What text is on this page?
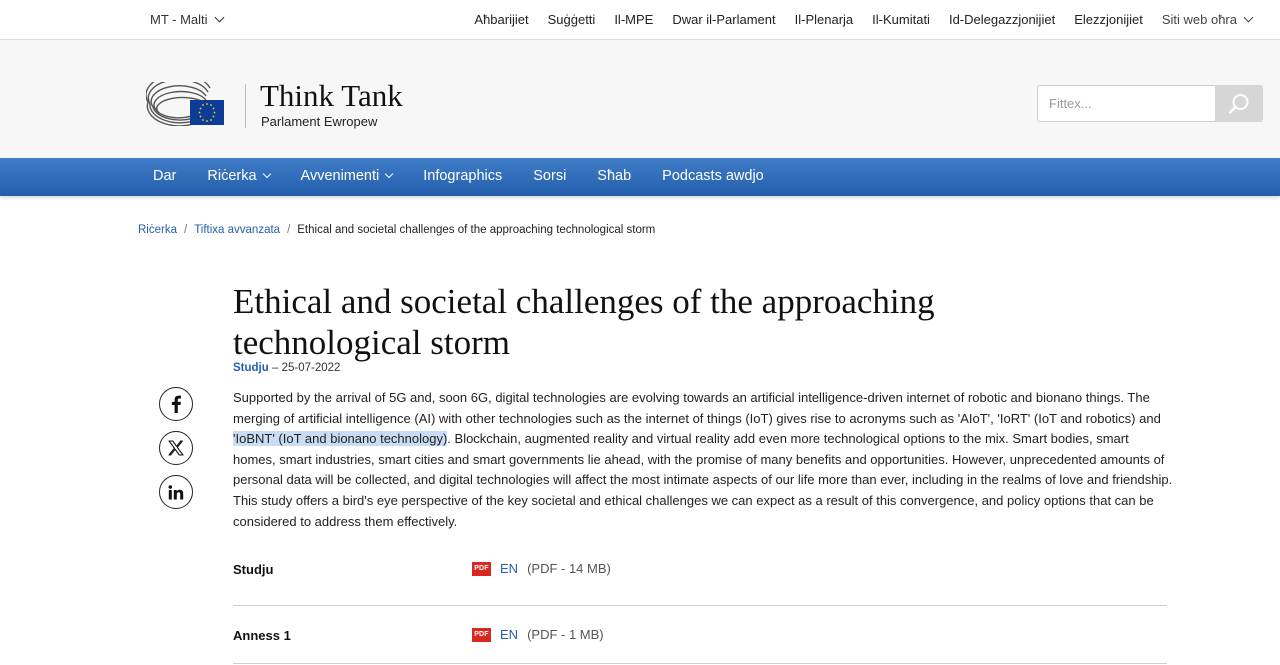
MT - Malti	Aħbarijiet Suġġetti Il-MPE Dwar il-Parlament Il-Plenarja Il-Kumitati Id-Delegazzjonijiet Elezzjonijiet Siti web oħra
Think Tank
Parlament Ewropew
Fittex...
Dar Riċerka	Avvenimenti	Infographics Sorsi Sħab Podcasts awdjo
Riċerka / Tiftixa avvanzata / Ethical and societal challenges of the approaching technological storm
Ethical and societal challenges of the approaching technological storm
Studju – 25-07-2022

Supported by the arrival of 5G and, soon 6G, digital technologies are evolving towards an artificial intelligence-driven internet of robotic and bionano things. The merging of artificial intelligence (AI) with other technologies such as the internet of things (IoT) gives rise to acronyms such as 'AIoT', 'IoRT' (IoT and robotics) and 'IoBNT' (IoT and bionano technology). Blockchain, augmented reality and virtual reality add even more technological options to the mix. Smart bodies, smart homes, smart industries, smart cities and smart governments lie ahead, with the promise of many benefits and opportunities. However, unprecedented amounts of personal data will be collected, and digital technologies will affect the most intimate aspects of our life more than ever, including in the realms of love and friendship. This study offers a bird's eye perspective of the key societal and ethical challenges we can expect as a result of this convergence, and policy options that can be considered to address them effectively.

Studju	PDF EN (PDF - 14 MB)
Anness 1	PDF EN (PDF - 1 MB)
